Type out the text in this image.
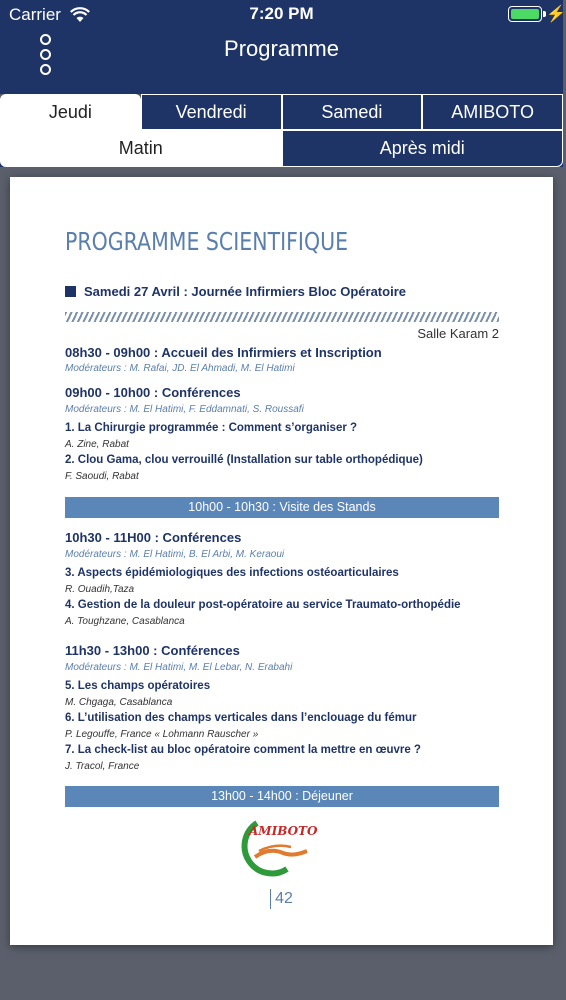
Carrier	7:20 PM	⚡
Programme
Jeudi	Vendredi	Samedi	AMIBOTO
Matin	Après midi
PROGRAMME SCIENTIFIQUE
Samedi 27 Avril : Journée Infirmiers Bloc Opératoire
Salle Karam 2
08h30 - 09h00 : Accueil des Infirmiers et Inscription
Modérateurs : M. Rafai, JD. El Ahmadi, M. El Hatimi
09h00 - 10h00 : Conférences
Modérateurs : M. El Hatimi, F. Eddamnati, S. Roussafi
1. La Chirurgie programmée : Comment s’organiser ?
A. Zine, Rabat
2. Clou Gama, clou verrouillé (Installation sur table orthopédique)
F. Saoudi, Rabat
10h00 - 10h30 : Visite des Stands
10h30 - 11H00 : Conférences
Modérateurs : M. El Hatimi, B. El Arbi, M. Keraoui
3. Aspects épidémiologiques des infections ostéoarticulaires
R. Ouadih,Taza
4. Gestion de la douleur post-opératoire au service Traumato-orthopédie
A. Toughzane, Casablanca
11h30 - 13h00 : Conférences
Modérateurs : M. El Hatimi, M. El Lebar, N. Erabahi
5. Les champs opératoires
M. Chgaga, Casablanca
6. L’utilisation des champs verticales dans l’enclouage du fémur
P. Legouffe, France « Lohmann Rauscher »
7. La check-list au bloc opératoire comment la mettre en œuvre ?
J. Tracol, France
13h00 - 14h00 : Déjeuner
AMIBOTO
42
